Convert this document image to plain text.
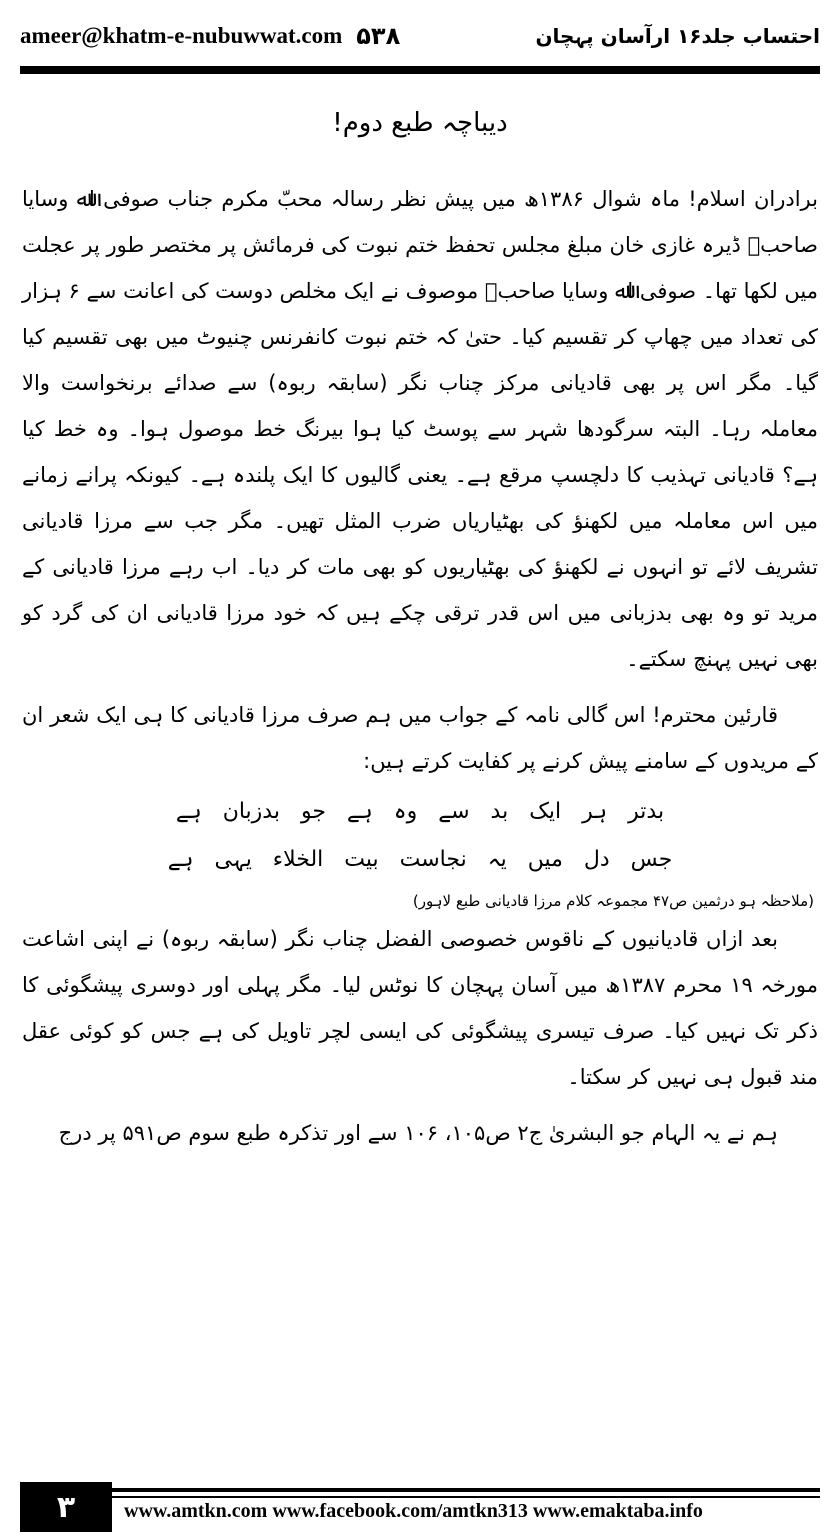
ameer@khatm-e-nubuwwat.com ۵۳۸	احتساب جلد۱۶ ارآسان پہچان
دیباچہ طبع دوم!

برادران اسلام! ماہ شوال ۱۳۸۶ھ میں پیش نظر رسالہ محبّ مکرم جناب صوفی اﷲ وسایا صاحبؒ ڈیرہ غازی خان مبلغ مجلس تحفظ ختم نبوت کی فرمائش پر مختصر طور پر عجلت میں لکھا تھا۔ صوفی اﷲ وسایا صاحبؒ موصوف نے ایک مخلص دوست کی اعانت سے ۶ ہزار کی تعداد میں چھاپ کر تقسیم کیا۔ حتیٰ کہ ختم نبوت کانفرنس چنیوٹ میں بھی تقسیم کیا گیا۔ مگر اس پر بھی قادیانی مرکز چناب نگر (سابقہ ربوہ) سے صدائے برنخواست والا معاملہ رہا۔ البتہ سرگودھا شہر سے پوسٹ کیا ہوا بیرنگ خط موصول ہوا۔ وہ خط کیا ہے؟ قادیانی تہذیب کا دلچسپ مرقع ہے۔ یعنی گالیوں کا ایک پلندہ ہے۔ کیونکہ پرانے زمانے میں اس معاملہ میں لکھنؤ کی بھٹیاریاں ضرب المثل تھیں۔ مگر جب سے مرزا قادیانی تشریف لائے تو انہوں نے لکھنؤ کی بھٹیاریوں کو بھی مات کر دیا۔ اب رہے مرزا قادیانی کے مرید تو وہ بھی بدزبانی میں اس قدر ترقی چکے ہیں کہ خود مرزا قادیانی ان کی گرد کو بھی نہیں پہنچ سکتے۔

قارئین محترم! اس گالی نامہ کے جواب میں ہم صرف مرزا قادیانی کا ہی ایک شعر ان کے مریدوں کے سامنے پیش کرنے پر کفایت کرتے ہیں:

بدتر ہر ایک بد سے وہ ہے جو بدزبان ہے
جس دل میں یہ نجاست بیت الخلاء یہی ہے

(ملاحظہ ہو درثمین ص۴۷ مجموعہ کلام مرزا قادیانی طبع لاہور)

بعد ازاں قادیانیوں کے ناقوس خصوصی الفضل چناب نگر (سابقہ ربوہ) نے اپنی اشاعت مورخہ ۱۹ محرم ۱۳۸۷ھ میں آسان پہچان کا نوٹس لیا۔ مگر پہلی اور دوسری پیشگوئی کا ذکر تک نہیں کیا۔ صرف تیسری پیشگوئی کی ایسی لچر تاویل کی ہے جس کو کوئی عقل مند قبول ہی نہیں کر سکتا۔

ہم نے یہ الہام جو البشریٰ ج۲ ص۱۰۵، ۱۰۶ سے اور تذکرہ طبع سوم ص۵۹۱ پر درج

۳	www.amtkn.com www.facebook.com/amtkn313 www.emaktaba.info
